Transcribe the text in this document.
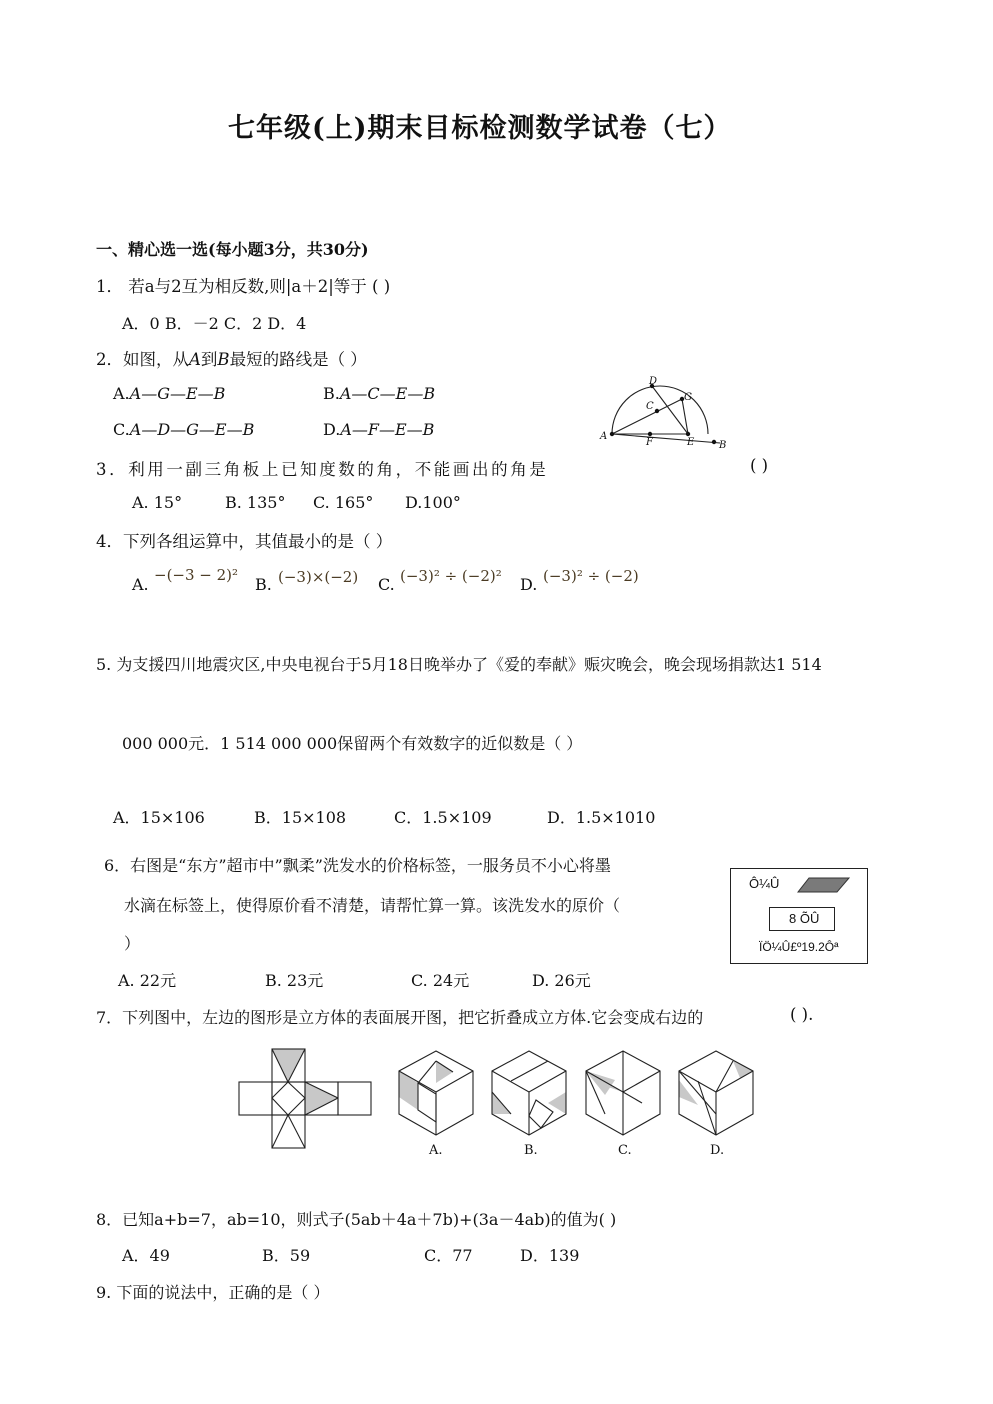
七年级(上)期末目标检测数学试卷（七）
一、精心选一选(每小题3分，共30分)
1． 若a与2互为相反数,则|a＋2|等于 ( )
A．0 B．－2 C．2 D．4
2．如图，从A到B最短的路线是（ ）
A.A—G—E—B	B.A—C—E—B
C.A—D—G—E—B	D.A—F—E—B	A
D
G
C
F	E B
3．利用一副三角板上已知度数的角，不能画出的角是	( )
A. 15°	B. 135° C. 165° D.100°
4．下列各组运算中，其值最小的是（ ）
A. −(−3 − 2)² B. (−3)×(−2) C. (−3)² ÷ (−2)² D. (−3)² ÷ (−2)
5. 为支援四川地震灾区,中央电视台于5月18日晚举办了《爱的奉献》赈灾晚会，晚会现场捐款达1 514
000 000元．1 514 000 000保留两个有效数字的近似数是（ ）
A．15×106	B．15×108	C．1.5×109	D．1.5×1010
6．右图是“东方”超市中”飘柔”洗发水的价格标签，一服务员不小心将墨
水滴在标签上，使得原价看不清楚，请帮忙算一算。该洗发水的原价（
）
A. 22元	B. 23元	C. 24元	D. 26元
Ô¼Û
8 ÕÛ
ÏÖ¼Û£º19.2Ôª
7．下列图中，左边的图形是立方体的表面展开图，把它折叠成立方体.它会变成右边的	( ).
A.	B.	C.	D.
8．已知a+b=7，ab=10，则式子(5ab＋4a＋7b)+(3a－4ab)的值为( )
A．49	B．59	C．77	D．139
9. 下面的说法中，正确的是（ ）
